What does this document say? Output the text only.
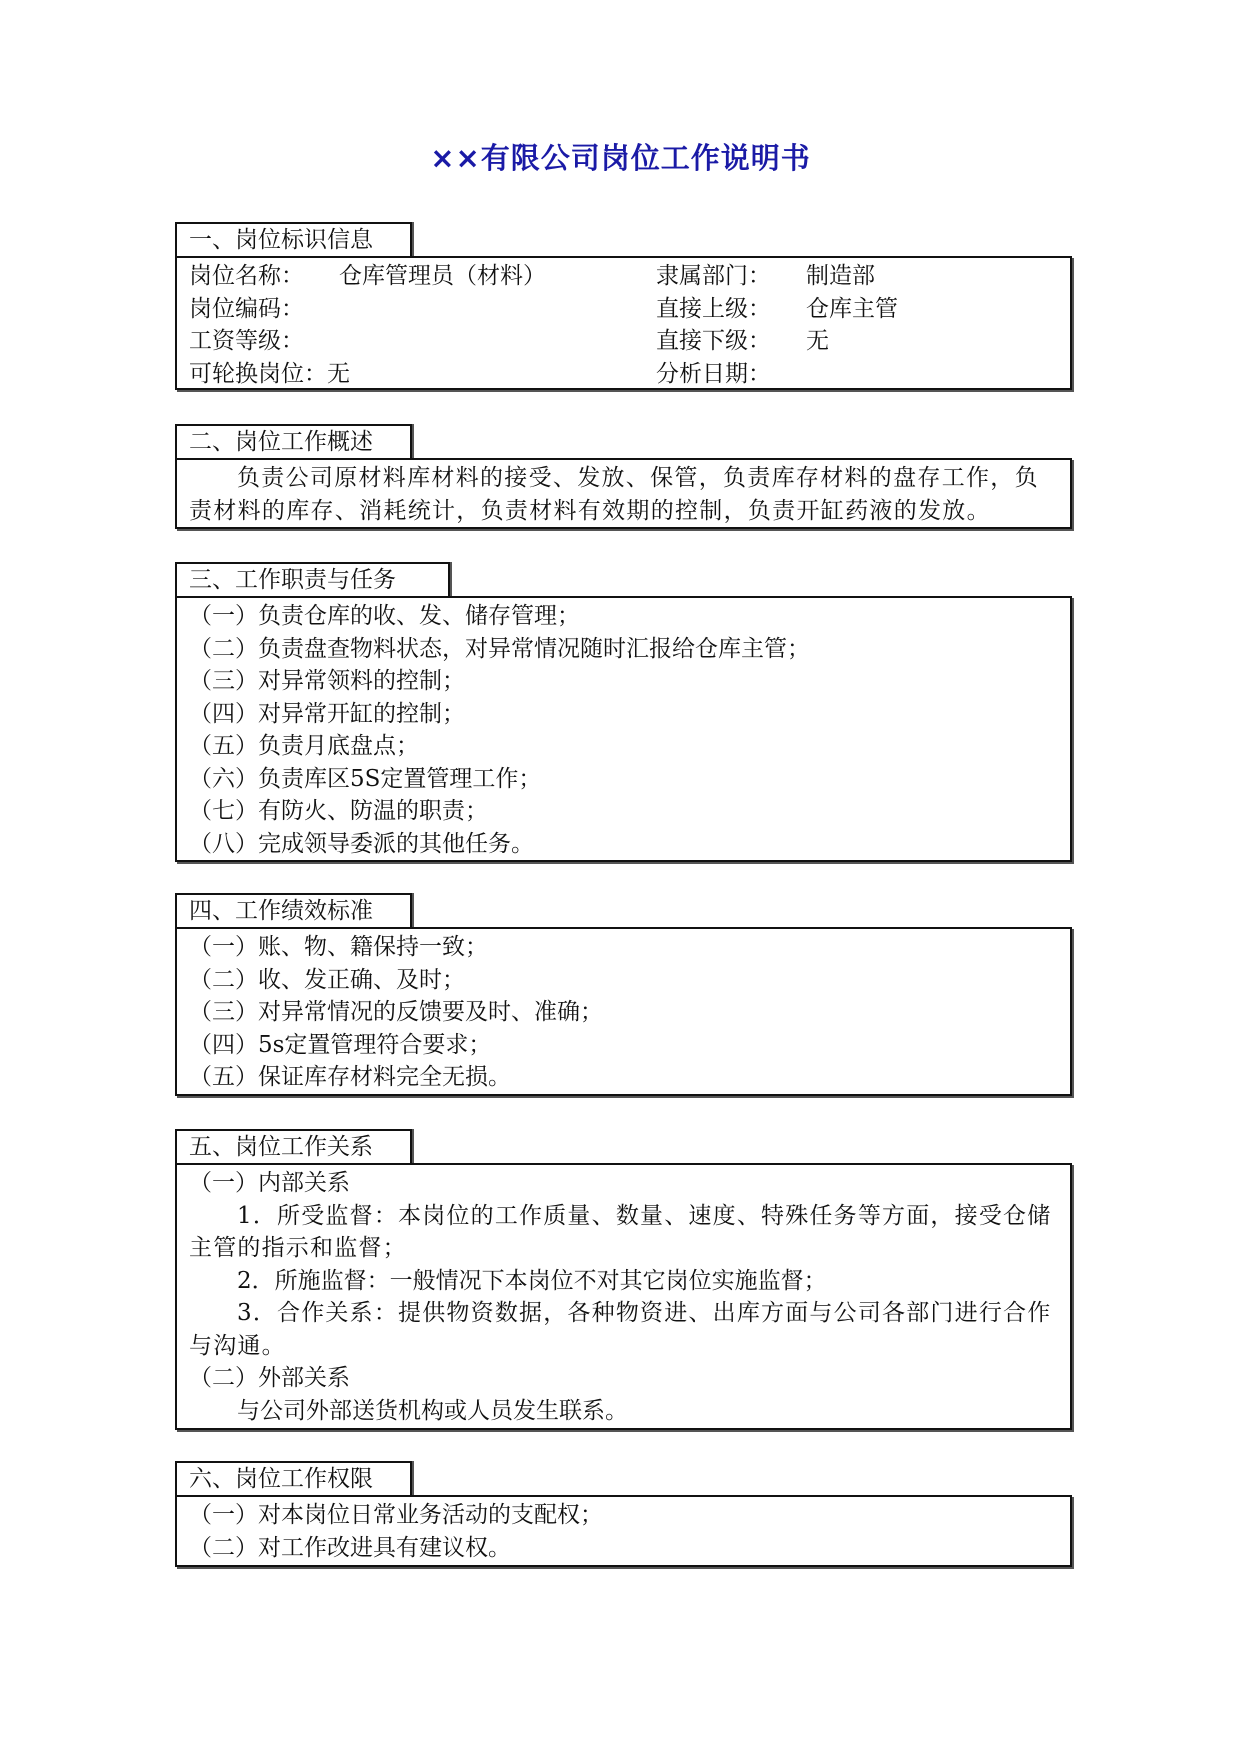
××有限公司岗位工作说明书
一、岗位标识信息
岗位名称： 仓库管理员（材料）	隶属部门： 制造部
岗位编码：	直接上级： 仓库主管
工资等级：	直接下级： 无
可轮换岗位：无	分析日期：
二、岗位工作概述
负责公司原材料库材料的接受、发放、保管，负责库存材料的盘存工作，负责材料的库存、消耗统计，负责材料有效期的控制，负责开缸药液的发放。
三、工作职责与任务
（一）负责仓库的收、发、储存管理；
（二）负责盘查物料状态，对异常情况随时汇报给仓库主管；
（三）对异常领料的控制；
（四）对异常开缸的控制；
（五）负责月底盘点；
（六）负责库区5S定置管理工作；
（七）有防火、防温的职责；
（八）完成领导委派的其他任务。
四、工作绩效标准
（一）账、物、籍保持一致；
（二）收、发正确、及时；
（三）对异常情况的反馈要及时、准确；
（四）5s定置管理符合要求；
（五）保证库存材料完全无损。
五、岗位工作关系
（一）内部关系
1．所受监督：本岗位的工作质量、数量、速度、特殊任务等方面，接受仓储主管的指示和监督；
2．所施监督：一般情况下本岗位不对其它岗位实施监督；
3．合作关系：提供物资数据，各种物资进、出库方面与公司各部门进行合作与沟通。
（二）外部关系
与公司外部送货机构或人员发生联系。
六、岗位工作权限
（一）对本岗位日常业务活动的支配权；
（二）对工作改进具有建议权。
